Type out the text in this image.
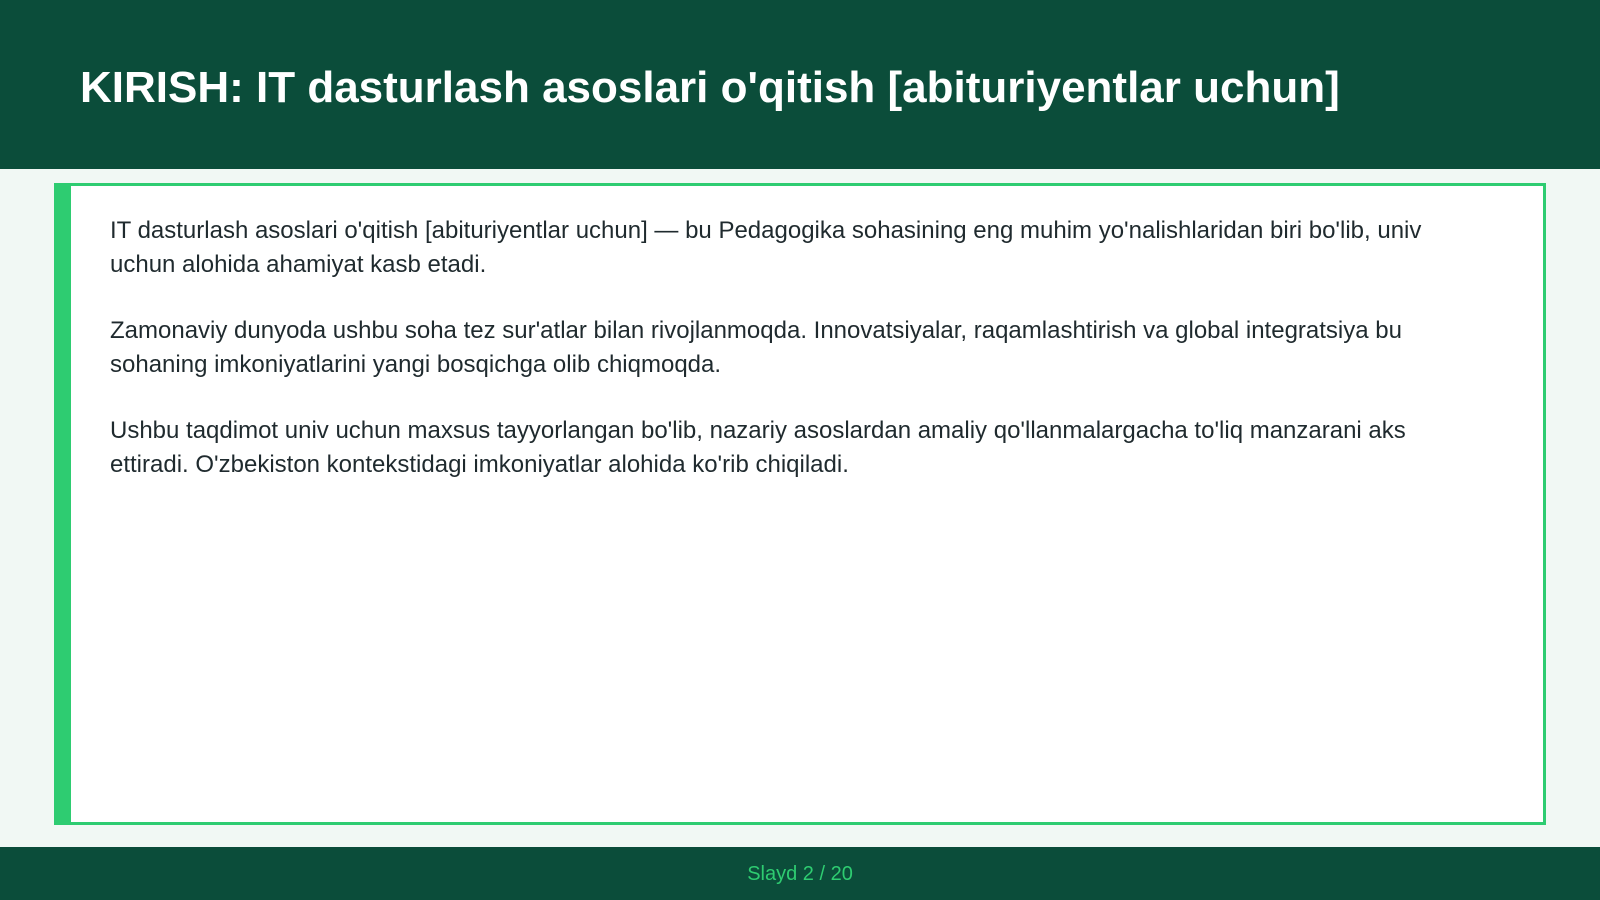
KIRISH: IT dasturlash asoslari o'qitish [abituriyentlar uchun]

IT dasturlash asoslari o'qitish [abituriyentlar uchun] — bu Pedagogika sohasining eng muhim yo'nalishlaridan biri bo'lib, univ uchun alohida ahamiyat kasb etadi.

Zamonaviy dunyoda ushbu soha tez sur'atlar bilan rivojlanmoqda. Innovatsiyalar, raqamlashtirish va global integratsiya bu sohaning imkoniyatlarini yangi bosqichga olib chiqmoqda.

Ushbu taqdimot univ uchun maxsus tayyorlangan bo'lib, nazariy asoslardan amaliy qo'llanmalargacha to'liq manzarani aks ettiradi. O'zbekiston kontekstidagi imkoniyatlar alohida ko'rib chiqiladi.

Slayd 2 / 20
